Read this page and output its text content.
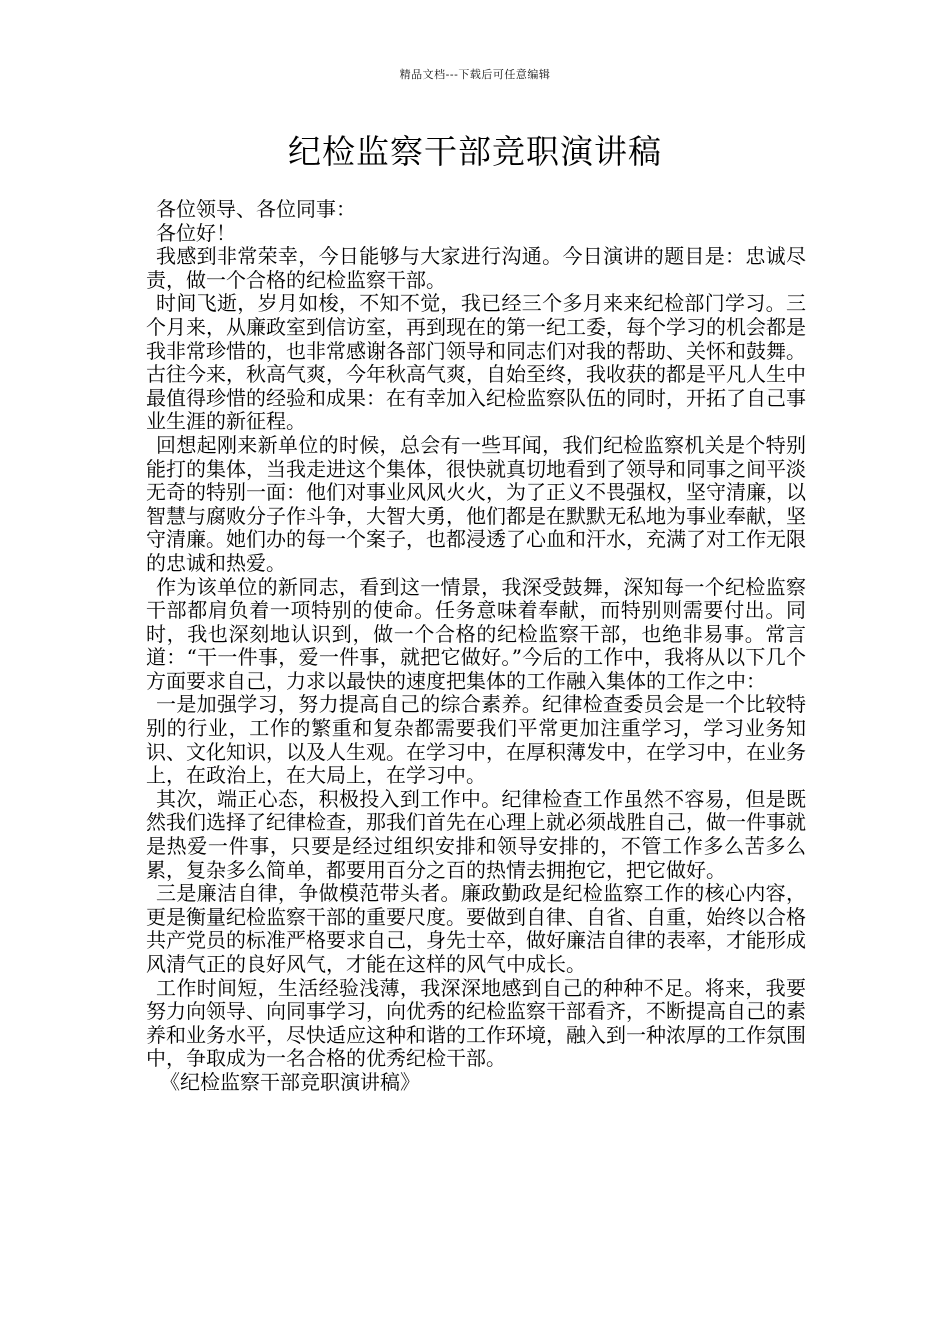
精品文档---下载后可任意编辑
纪检监察干部竞职演讲稿

各位领导、各位同事：

各位好！

我感到非常荣幸，今日能够与大家进行沟通。今日演讲的题目是：忠诚尽责，做一个合格的纪检监察干部。

时间飞逝，岁月如梭，不知不觉，我已经三个多月来来纪检部门学习。三个月来，从廉政室到信访室，再到现在的第一纪工委，每个学习的机会都是我非常珍惜的，也非常感谢各部门领导和同志们对我的帮助、关怀和鼓舞。古往今来，秋高气爽，今年秋高气爽，自始至终，我收获的都是平凡人生中最值得珍惜的经验和成果：在有幸加入纪检监察队伍的同时，开拓了自己事业生涯的新征程。

回想起刚来新单位的时候，总会有一些耳闻，我们纪检监察机关是个特别能打的集体，当我走进这个集体，很快就真切地看到了领导和同事之间平淡无奇的特别一面：他们对事业风风火火，为了正义不畏强权，坚守清廉，以智慧与腐败分子作斗争，大智大勇，他们都是在默默无私地为事业奉献，坚守清廉。她们办的每一个案子，也都浸透了心血和汗水，充满了对工作无限的忠诚和热爱。

作为该单位的新同志，看到这一情景，我深受鼓舞，深知每一个纪检监察干部都肩负着一项特别的使命。任务意味着奉献，而特别则需要付出。同时，我也深刻地认识到，做一个合格的纪检监察干部，也绝非易事。常言道：“干一件事，爱一件事，就把它做好。”今后的工作中，我将从以下几个方面要求自己，力求以最快的速度把集体的工作融入集体的工作之中：

一是加强学习，努力提高自己的综合素养。纪律检查委员会是一个比较特别的行业，工作的繁重和复杂都需要我们平常更加注重学习，学习业务知识、文化知识，以及人生观。在学习中，在厚积薄发中，在学习中，在业务上，在政治上，在大局上，在学习中。

其次，端正心态，积极投入到工作中。纪律检查工作虽然不容易，但是既然我们选择了纪律检查，那我们首先在心理上就必须战胜自己，做一件事就是热爱一件事，只要是经过组织安排和领导安排的，不管工作多么苦多么累，复杂多么简单，都要用百分之百的热情去拥抱它，把它做好。

三是廉洁自律，争做模范带头者。廉政勤政是纪检监察工作的核心内容，更是衡量纪检监察干部的重要尺度。要做到自律、自省、自重，始终以合格共产党员的标准严格要求自己，身先士卒，做好廉洁自律的表率，才能形成风清气正的良好风气，才能在这样的风气中成长。

工作时间短，生活经验浅薄，我深深地感到自己的种种不足。将来，我要努力向领导、向同事学习，向优秀的纪检监察干部看齐，不断提高自己的素养和业务水平，尽快适应这种和谐的工作环境，融入到一种浓厚的工作氛围中，争取成为一名合格的优秀纪检干部。

《纪检监察干部竞职演讲稿》
